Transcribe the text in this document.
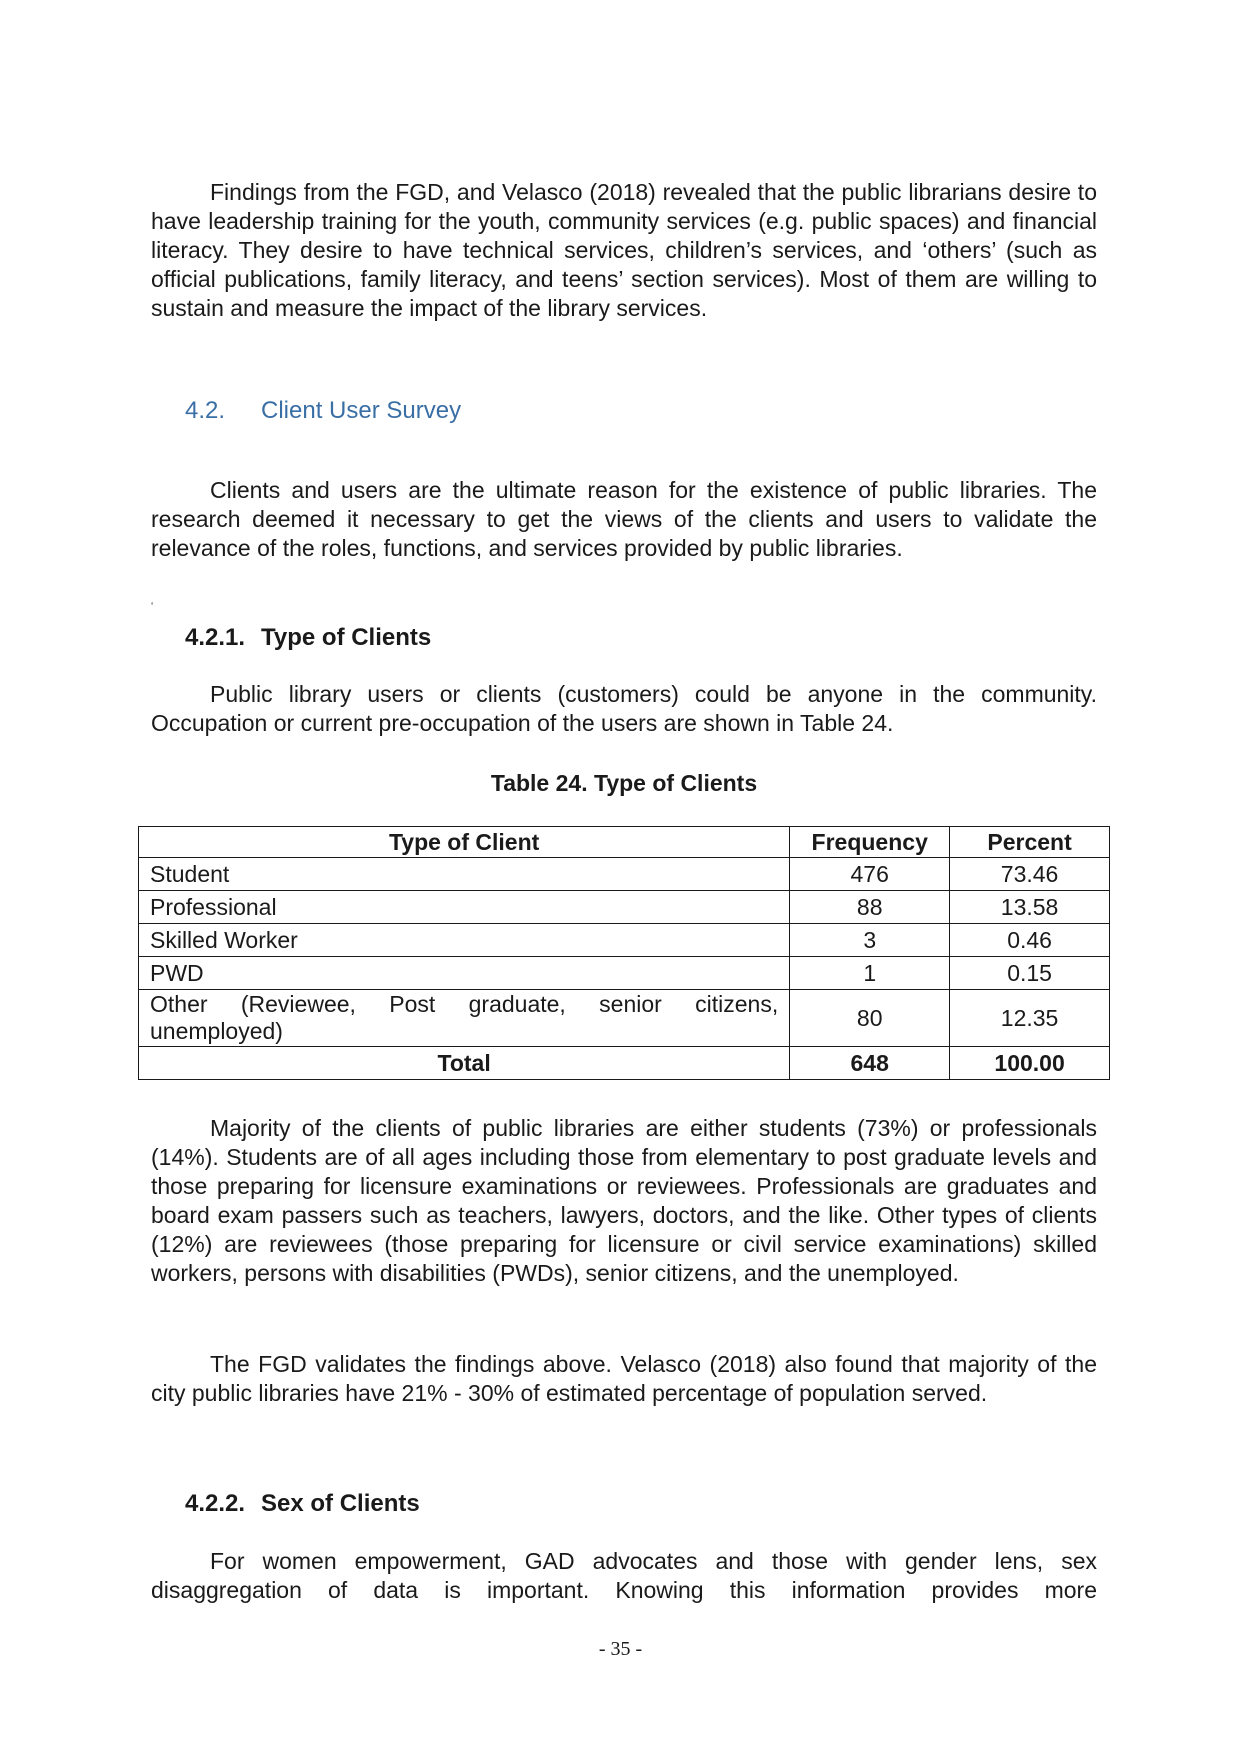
Findings from the FGD, and Velasco (2018) revealed that the public librarians desire to have leadership training for the youth, community services (e.g. public spaces) and financial literacy. They desire to have technical services, children’s services, and ‘others’ (such as official publications, family literacy, and teens’ section services). Most of them are willing to sustain and measure the impact of the library services.

4.2. Client User Survey

Clients and users are the ultimate reason for the existence of public libraries. The research deemed it necessary to get the views of the clients and users to validate the relevance of the roles, functions, and services provided by public libraries.

‘
4.2.1. Type of Clients

Public library users or clients (customers) could be anyone in the community. Occupation or current pre-occupation of the users are shown in Table 24.

Table 24. Type of Clients
Type of Client	Frequency	Percent
Student	476	73.46
Professional	88	13.58
Skilled Worker	3	0.46
PWD	1	0.15
Other (Reviewee, Post graduate, senior citizens, unemployed)	80	12.35
Total	648	100.00

Majority of the clients of public libraries are either students (73%) or professionals (14%). Students are of all ages including those from elementary to post graduate levels and those preparing for licensure examinations or reviewees. Professionals are graduates and board exam passers such as teachers, lawyers, doctors, and the like. Other types of clients (12%) are reviewees (those preparing for licensure or civil service examinations) skilled workers, persons with disabilities (PWDs), senior citizens, and the unemployed.

The FGD validates the findings above. Velasco (2018) also found that majority of the city public libraries have 21% - 30% of estimated percentage of population served.

4.2.2. Sex of Clients

For women empowerment, GAD advocates and those with gender lens, sex disaggregation of data is important. Knowing this information provides more

- 35 -
